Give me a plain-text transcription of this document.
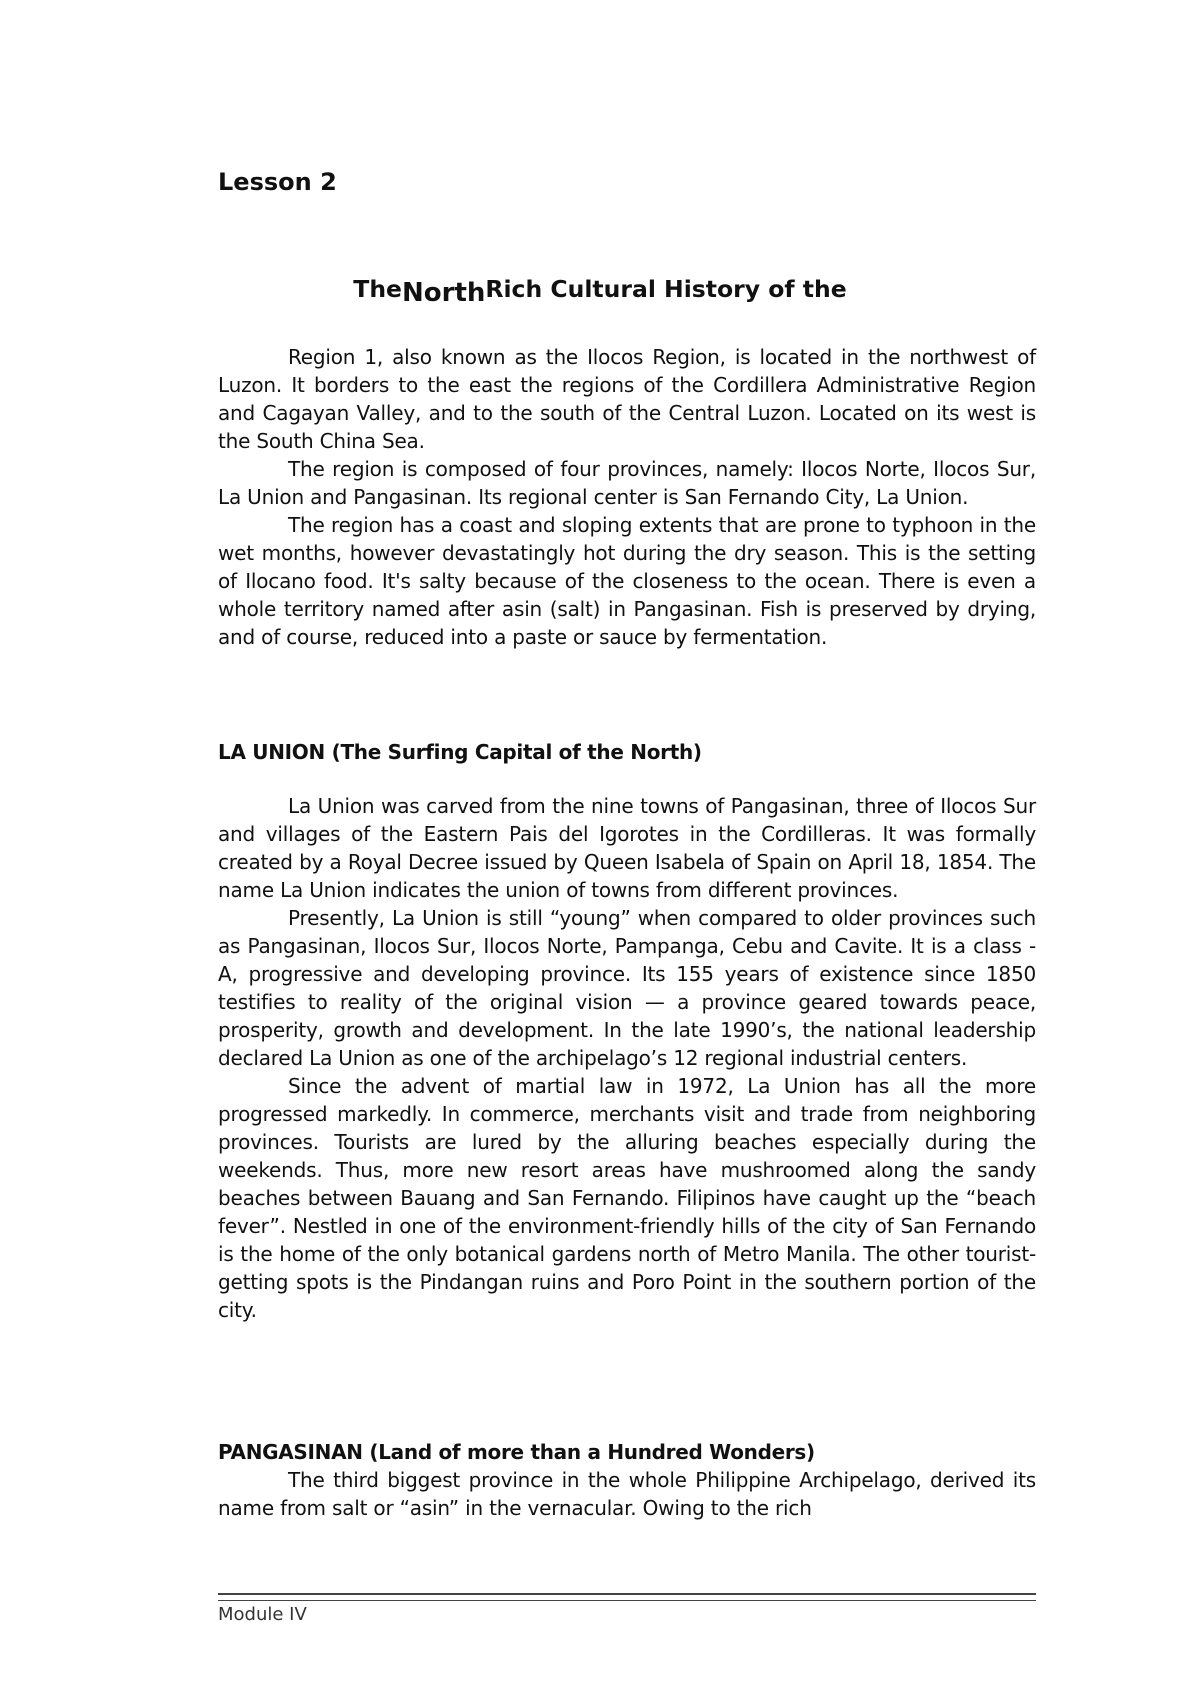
Lesson 2
TheNorthRich Cultural History of the

Region 1, also known as the Ilocos Region, is located in the northwest of Luzon. It borders to the east the regions of the Cordillera Administrative Region and Cagayan Valley, and to the south of the Central Luzon. Located on its west is the South China Sea.

The region is composed of four provinces, namely: Ilocos Norte, Ilocos Sur, La Union and Pangasinan. Its regional center is San Fernando City, La Union.

The region has a coast and sloping extents that are prone to typhoon in the wet months, however devastatingly hot during the dry season. This is the setting of Ilocano food. It's salty because of the closeness to the ocean. There is even a whole territory named after asin (salt) in Pangasinan. Fish is preserved by drying, and of course, reduced into a paste or sauce by fermentation.

LA UNION (The Surfing Capital of the North)

La Union was carved from the nine towns of Pangasinan, three of Ilocos Sur and villages of the Eastern Pais del Igorotes in the Cordilleras. It was formally created by a Royal Decree issued by Queen Isabela of Spain on April 18, 1854. The name La Union indicates the union of towns from different provinces.

Presently, La Union is still “young” when compared to older provinces such as Pangasinan, Ilocos Sur, Ilocos Norte, Pampanga, Cebu and Cavite. It is a class - A, progressive and developing province. Its 155 years of existence since 1850 testifies to reality of the original vision — a province geared towards peace, prosperity, growth and development. In the late 1990’s, the national leadership declared La Union as one of the archipelago’s 12 regional industrial centers.

Since the advent of martial law in 1972, La Union has all the more progressed markedly. In commerce, merchants visit and trade from neighboring provinces. Tourists are lured by the alluring beaches especially during the weekends. Thus, more new resort areas have mushroomed along the sandy beaches between Bauang and San Fernando. Filipinos have caught up the “beach fever”. Nestled in one of the environment-friendly hills of the city of San Fernando is the home of the only botanical gardens north of Metro Manila. The other tourist-getting spots is the Pindangan ruins and Poro Point in the southern portion of the city.

PANGASINAN (Land of more than a Hundred Wonders)

The third biggest province in the whole Philippine Archipelago, derived its name from salt or “asin” in the vernacular. Owing to the rich

Module IV
